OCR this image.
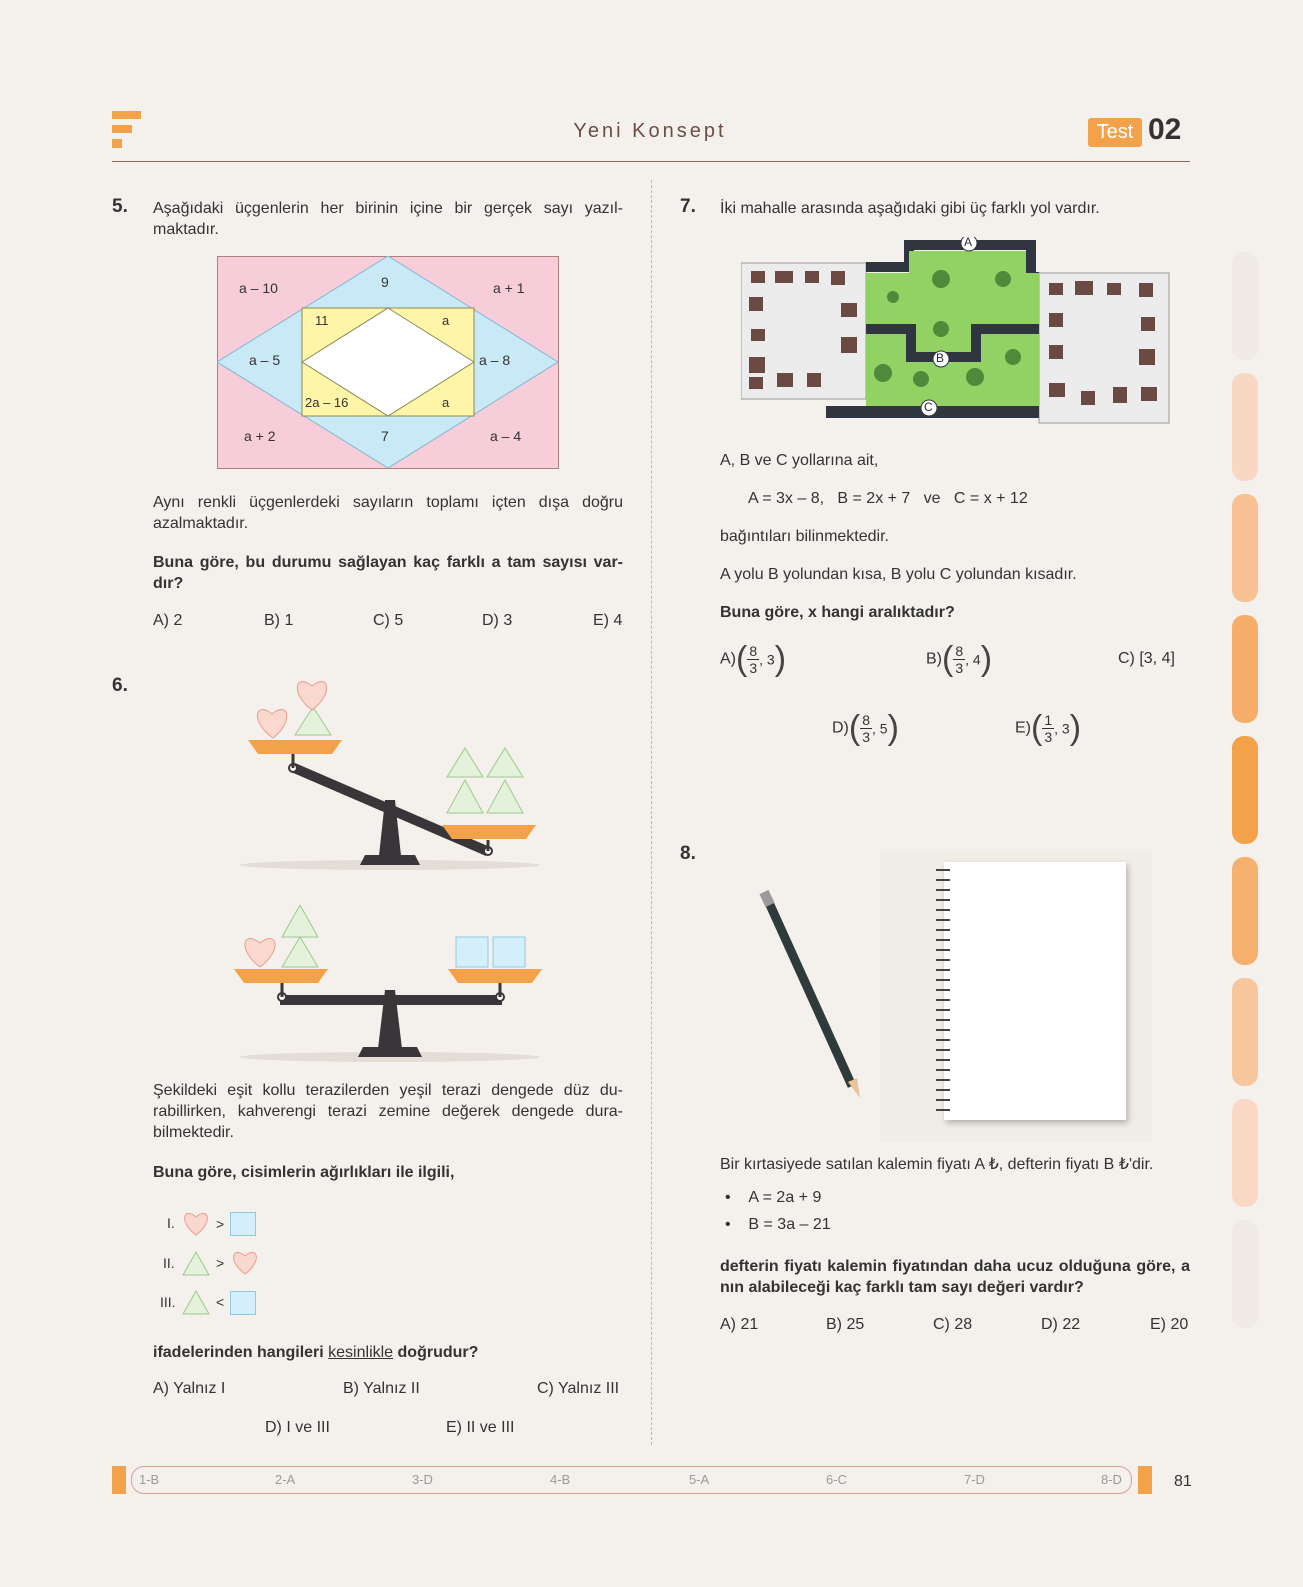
Yeni Konsept	Test 02
5. Aşağıdaki üçgenlerin her birinin içine bir gerçek sayı yazıl-maktadır.
a – 10	a + 1
a + 2	a – 4
9
a – 5	a – 8
7
11	a
2a – 16	a
Aynı renkli üçgenlerdeki sayıların toplamı içten dışa doğru azalmaktadır.
Buna göre, bu durumu sağlayan kaç farklı a tam sayısı var-dır?
A) 2	B) 1	C) 5	D) 3	E) 4
6.
Şekildeki eşit kollu terazilerden yeşil terazi dengede düz du-rabillirken, kahverengi terazi zemine değerek dengede dura-bilmektedir.
Buna göre, cisimlerin ağırlıkları ile ilgili,
I.	>
II.	>
III.	<
ifadelerinden hangileri kesinlikle doğrudur?
A) Yalnız I	B) Yalnız II	C) Yalnız III
D) I ve III	E) II ve III
7. İki mahalle arasında aşağıdaki gibi üç farklı yol vardır.
A
B
C
A, B ve C yollarına ait,
A = 3x – 8,   B = 2x + 7   ve   C = x + 12
bağıntıları bilinmektedir.
A yolu B yolundan kısa, B yolu C yolundan kısadır.
Buna göre, x hangi aralıktadır?
$A)( \frac{8}{3}$ , 3)	$B)( \frac{8}{3}$ , 4)	C) [3, 4]
$D)( \frac{8}{3}$ , 5)	$E)( \frac{1}{3}$ , 3)
8.
Bir kırtasiyede satılan kalemin fiyatı A ₺, defterin fiyatı B ₺'dir.
• A = 2a + 9
• B = 3a – 21
defterin fiyatı kalemin fiyatından daha ucuz olduğuna göre, a nın alabileceği kaç farklı tam sayı değeri vardır?
A) 21	B) 25	C) 28	D) 22	E) 20
1-B	2-A	3-D	4-B	5-A	6-C	7-D	8-D	81
